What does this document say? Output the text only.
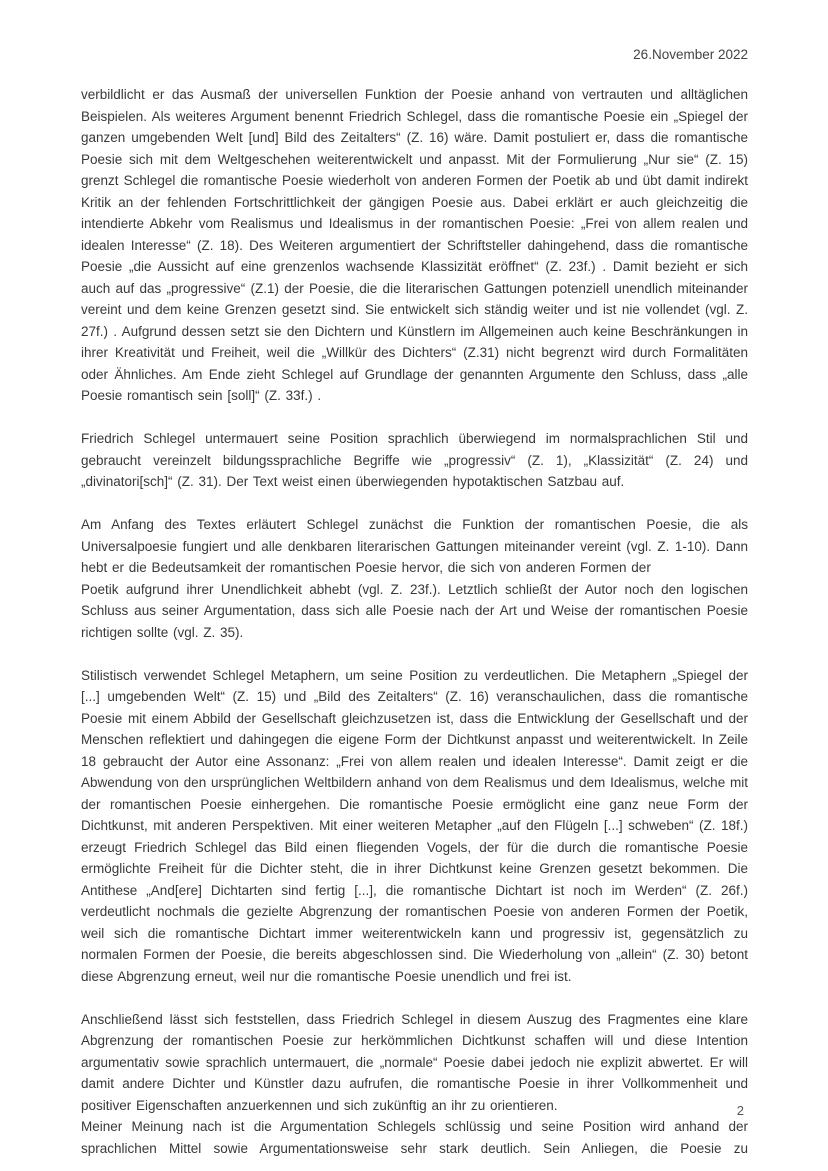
26.November 2022
verbildlicht er das Ausmaß der universellen Funktion der Poesie anhand von vertrauten und alltäglichen Beispielen. Als weiteres Argument benennt Friedrich Schlegel, dass die romantische Poesie ein „Spiegel der ganzen umgebenden Welt [und] Bild des Zeitalters“ (Z. 16) wäre. Damit postuliert er, dass die romantische Poesie sich mit dem Weltgeschehen weiterentwickelt und anpasst. Mit der Formulierung „Nur sie“ (Z. 15) grenzt Schlegel die romantische Poesie wiederholt von anderen Formen der Poetik ab und übt damit indirekt Kritik an der fehlenden Fortschrittlichkeit der gängigen Poesie aus. Dabei erklärt er auch gleichzeitig die intendierte Abkehr vom Realismus und Idealismus in der romantischen Poesie: „Frei von allem realen und idealen Interesse“ (Z. 18). Des Weiteren argumentiert der Schriftsteller dahingehend, dass die romantische Poesie „die Aussicht auf eine grenzenlos wachsende Klassizität eröffnet“ (Z. 23f.) . Damit bezieht er sich auch auf das „progressive“ (Z.1) der Poesie, die die literarischen Gattungen potenziell unendlich miteinander vereint und dem keine Grenzen gesetzt sind. Sie entwickelt sich ständig weiter und ist nie vollendet (vgl. Z. 27f.) . Aufgrund dessen setzt sie den Dichtern und Künstlern im Allgemeinen auch keine Beschränkungen in ihrer Kreativität und Freiheit, weil die „Willkür des Dichters“ (Z.31) nicht begrenzt wird durch Formalitäten oder Ähnliches. Am Ende zieht Schlegel auf Grundlage der genannten Argumente den Schluss, dass „alle Poesie romantisch sein [soll]“ (Z. 33f.) .
Friedrich Schlegel untermauert seine Position sprachlich überwiegend im normalsprachlichen Stil und gebraucht vereinzelt bildungssprachliche Begriffe wie „progressiv“ (Z. 1), „Klassizität“ (Z. 24) und „divinatori[sch]“ (Z. 31). Der Text weist einen überwiegenden hypotaktischen Satzbau auf.
Am Anfang des Textes erläutert Schlegel zunächst die Funktion der romantischen Poesie, die als Universalpoesie fungiert und alle denkbaren literarischen Gattungen miteinander vereint (vgl. Z. 1-10). Dann hebt er die Bedeutsamkeit der romantischen Poesie hervor, die sich von anderen Formen der
Poetik aufgrund ihrer Unendlichkeit abhebt (vgl. Z. 23f.). Letztlich schließt der Autor noch den logischen Schluss aus seiner Argumentation, dass sich alle Poesie nach der Art und Weise der romantischen Poesie richtigen sollte (vgl. Z. 35).
Stilistisch verwendet Schlegel Metaphern, um seine Position zu verdeutlichen. Die Metaphern „Spiegel der [...] umgebenden Welt“ (Z. 15) und „Bild des Zeitalters“ (Z. 16) veranschaulichen, dass die romantische Poesie mit einem Abbild der Gesellschaft gleichzusetzen ist, dass die Entwicklung der Gesellschaft und der Menschen reflektiert und dahingegen die eigene Form der Dichtkunst anpasst und weiterentwickelt. In Zeile 18 gebraucht der Autor eine Assonanz: „Frei von allem realen und idealen Interesse“. Damit zeigt er die Abwendung von den ursprünglichen Weltbildern anhand von dem Realismus und dem Idealismus, welche mit der romantischen Poesie einhergehen. Die romantische Poesie ermöglicht eine ganz neue Form der Dichtkunst, mit anderen Perspektiven. Mit einer weiteren Metapher „auf den Flügeln [...] schweben“ (Z. 18f.) erzeugt Friedrich Schlegel das Bild einen fliegenden Vogels, der für die durch die romantische Poesie ermöglichte Freiheit für die Dichter steht, die in ihrer Dichtkunst keine Grenzen gesetzt bekommen. Die Antithese „And[ere] Dichtarten sind fertig [...], die romantische Dichtart ist noch im Werden“ (Z. 26f.) verdeutlicht nochmals die gezielte Abgrenzung der romantischen Poesie von anderen Formen der Poetik, weil sich die romantische Dichtart immer weiterentwickeln kann und progressiv ist, gegensätzlich zu normalen Formen der Poesie, die bereits abgeschlossen sind. Die Wiederholung von „allein“ (Z. 30) betont diese Abgrenzung erneut, weil nur die romantische Poesie unendlich und frei ist.
Anschließend lässt sich feststellen, dass Friedrich Schlegel in diesem Auszug des Fragmentes eine klare Abgrenzung der romantischen Poesie zur herkömmlichen Dichtkunst schaffen will und diese Intention argumentativ sowie sprachlich untermauert, die „normale“ Poesie dabei jedoch nie explizit abwertet. Er will damit andere Dichter und Künstler dazu aufrufen, die romantische Poesie in ihrer Vollkommenheit und positiver Eigenschaften anzuerkennen und sich zukünftig an ihr zu orientieren.
Meiner Meinung nach ist die Argumentation Schlegels schlüssig und seine Position wird anhand der sprachlichen Mittel sowie Argumentationsweise sehr stark deutlich. Sein Anliegen, die Poesie zu
2
